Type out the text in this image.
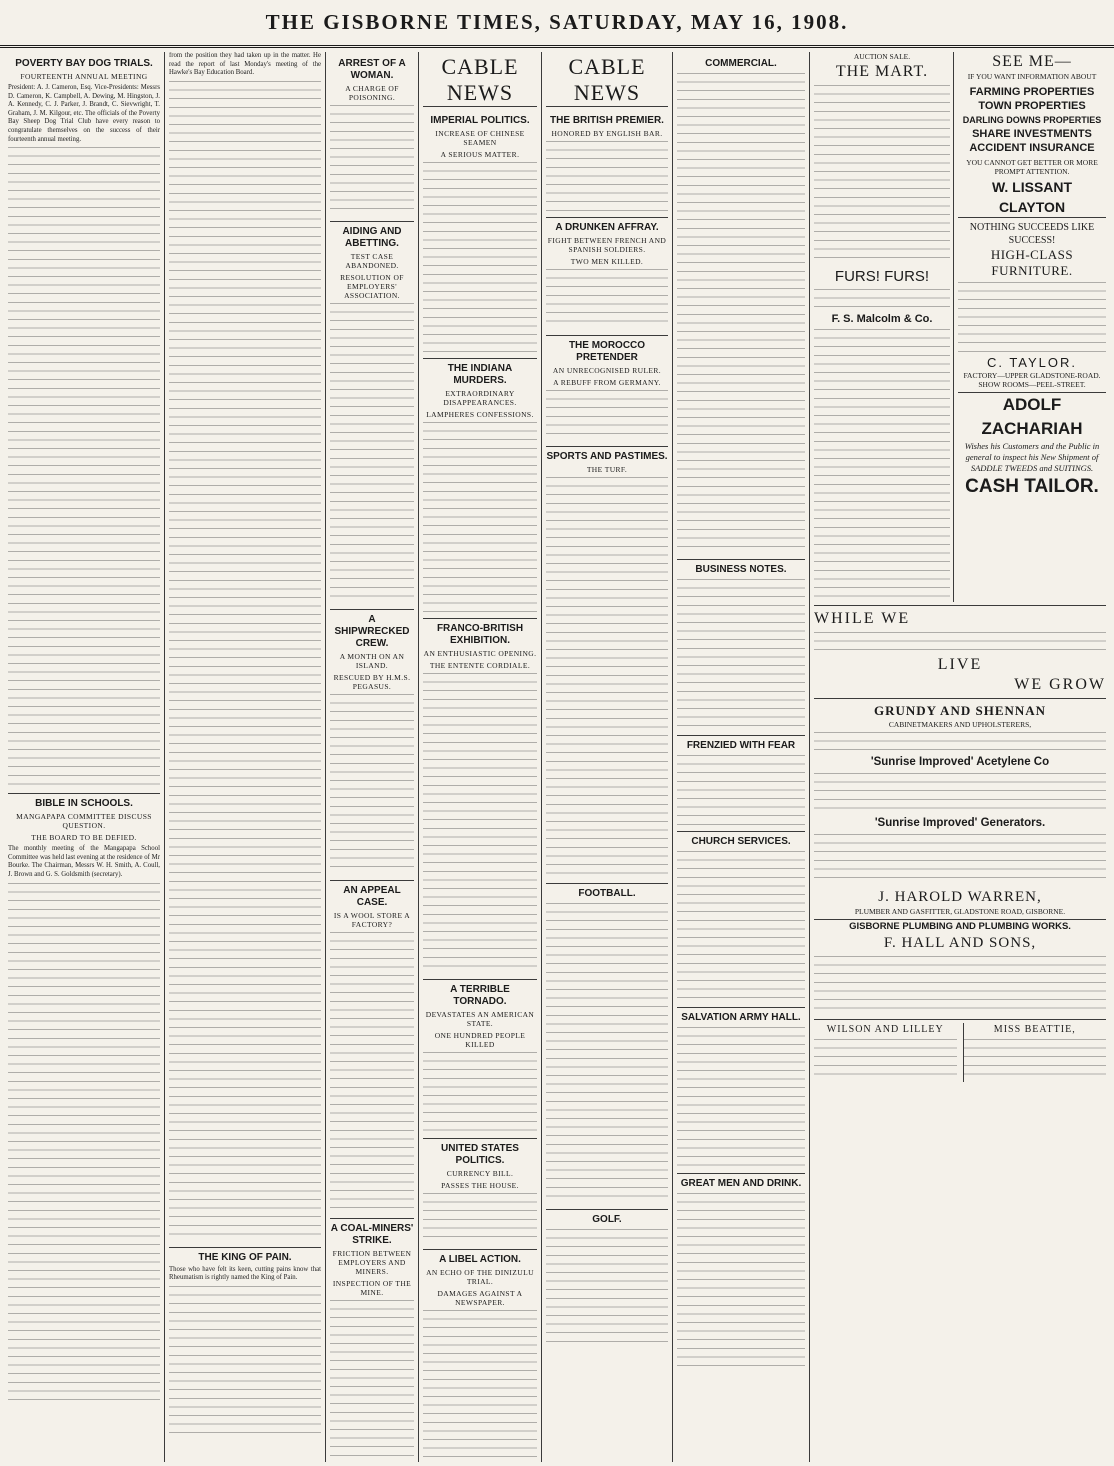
THE GISBORNE TIMES, SATURDAY, MAY 16, 1908.
POVERTY BAY DOG TRIALS.
FOURTEENTH ANNUAL MEETING

President: A. J. Cameron, Esq. Vice-Presidents: Messrs D. Cameron, K. Campbell, A. Dewing, M. Hingston, J. A. Kennedy, C. J. Parker, J. Brandt, C. Sievwright, T. Graham, J. M. Kilgour, etc. The officials of the Poverty Bay Sheep Dog Trial Club have every reason to congratulate themselves on the success of their fourteenth annual meeting.

BIBLE IN SCHOOLS.
MANGAPAPA COMMITTEE DISCUSS QUESTION.
THE BOARD TO BE DEFIED.

The monthly meeting of the Mangapapa School Committee was held last evening at the residence of Mr Bourke. The Chairman, Messrs W. H. Smith, A. Coull, J. Brown and G. S. Goldsmith (secretary).

from the position they had taken up in the matter. He read the report of last Monday's meeting of the Hawke's Bay Education Board.

THE KING OF PAIN.

Those who have felt its keen, cutting pains know that Rheumatism is rightly named the King of Pain.

ARREST OF A WOMAN.
A CHARGE OF POISONING.
AIDING AND ABETTING.
TEST CASE ABANDONED.
RESOLUTION OF EMPLOYERS' ASSOCIATION.
A SHIPWRECKED CREW.
A MONTH ON AN ISLAND.
RESCUED BY H.M.S. PEGASUS.
AN APPEAL CASE.
IS A WOOL STORE A FACTORY?
A COAL-MINERS' STRIKE.
FRICTION BETWEEN EMPLOYERS AND MINERS.
INSPECTION OF THE MINE.
CABLE NEWS
IMPERIAL POLITICS.
INCREASE OF CHINESE SEAMEN
A SERIOUS MATTER.
THE INDIANA MURDERS.
EXTRAORDINARY DISAPPEARANCES.
LAMPHERES CONFESSIONS.
FRANCO-BRITISH EXHIBITION.
AN ENTHUSIASTIC OPENING.
THE ENTENTE CORDIALE.
A TERRIBLE TORNADO.
DEVASTATES AN AMERICAN STATE.
ONE HUNDRED PEOPLE KILLED
UNITED STATES POLITICS.
CURRENCY BILL.
PASSES THE HOUSE.
A LIBEL ACTION.
AN ECHO OF THE DINIZULU TRIAL.
DAMAGES AGAINST A NEWSPAPER.
CABLE NEWS
THE BRITISH PREMIER.
HONORED BY ENGLISH BAR.
A DRUNKEN AFFRAY.
FIGHT BETWEEN FRENCH AND SPANISH SOLDIERS.
TWO MEN KILLED.
THE MOROCCO PRETENDER
AN UNRECOGNISED RULER.
A REBUFF FROM GERMANY.
SPORTS AND PASTIMES.
THE TURF.
FOOTBALL.
GOLF.
COMMERCIAL.
BUSINESS NOTES.
FRENZIED WITH FEAR
CHURCH SERVICES.
SALVATION ARMY HALL.
GREAT MEN AND DRINK.
AUCTION SALE.
THE MART.
FURS! FURS!
F. S. Malcolm & Co.
SEE ME—
IF YOU WANT INFORMATION ABOUT
FARMING PROPERTIES
TOWN PROPERTIES
DARLING DOWNS PROPERTIES
SHARE INVESTMENTS
ACCIDENT INSURANCE
YOU CANNOT GET BETTER OR MORE PROMPT ATTENTION.
W. LISSANT CLAYTON
NOTHING SUCCEEDS LIKE SUCCESS!
HIGH-CLASS FURNITURE.
C. TAYLOR.
FACTORY—UPPER GLADSTONE-ROAD. SHOW ROOMS—PEEL-STREET.
ADOLF ZACHARIAH
Wishes his Customers and the Public in general to inspect his New Shipment of SADDLE TWEEDS and SUITINGS.
CASH TAILOR.
WHILE WE
LIVE
WE GROW
GRUNDY AND SHENNAN
CABINETMAKERS AND UPHOLSTERERS,
'Sunrise Improved' Acetylene Co
'Sunrise Improved' Generators.
J. HAROLD WARREN,
PLUMBER AND GASFITTER, GLADSTONE ROAD, GISBORNE.
GISBORNE PLUMBING AND PLUMBING WORKS.
F. HALL AND SONS,
WILSON AND LILLEY	MISS BEATTIE,
